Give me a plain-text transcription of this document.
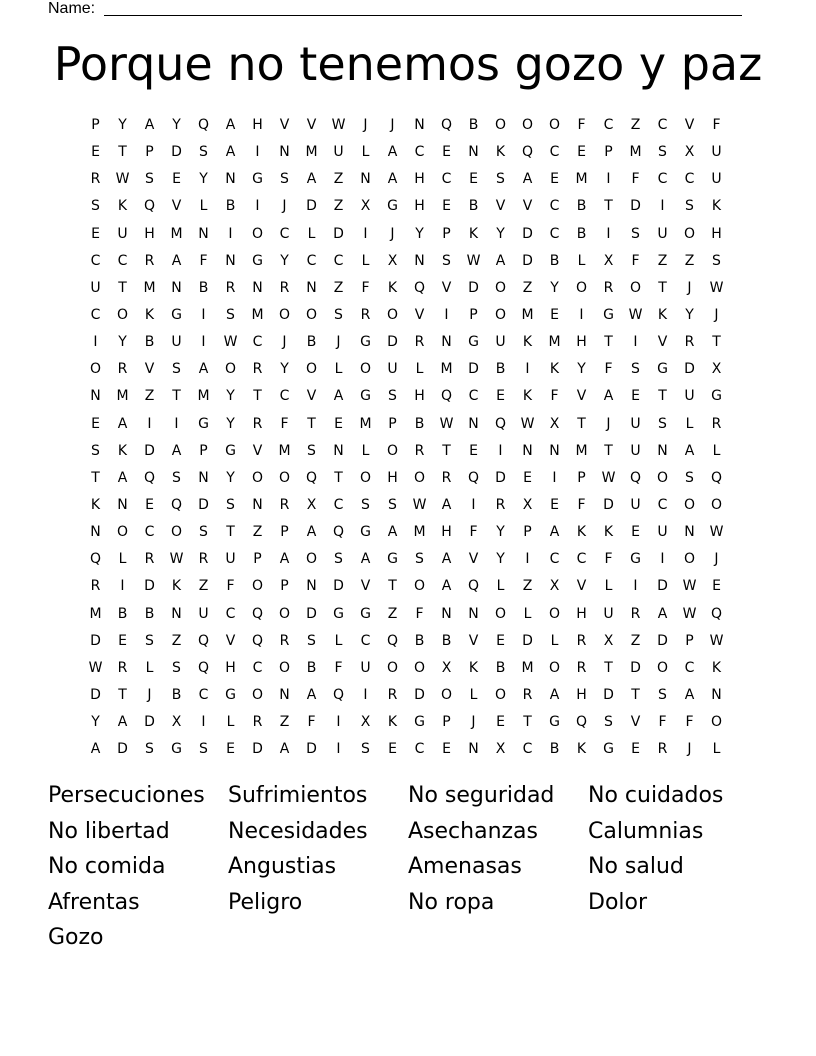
Name:
Porque no tenemos gozo y paz
P	Y	A	Y	Q	A	H	V	V	W	J	J	N	Q	B	O	O	O	F	C	Z	C	V	F
E	T	P	D	S	A	I	N	M	U	L	A	C	E	N	K	Q	C	E	P	M	S	X	U
R	W	S	E	Y	N	G	S	A	Z	N	A	H	C	E	S	A	E	M	I	F	C	C	U
S	K	Q	V	L	B	I	J	D	Z	X	G	H	E	B	V	V	C	B	T	D	I	S	K
E	U	H	M	N	I	O	C	L	D	I	J	Y	P	K	Y	D	C	B	I	S	U	O	H
C	C	R	A	F	N	G	Y	C	C	L	X	N	S	W	A	D	B	L	X	F	Z	Z	S
U	T	M	N	B	R	N	R	N	Z	F	K	Q	V	D	O	Z	Y	O	R	O	T	J	W
C	O	K	G	I	S	M	O	O	S	R	O	V	I	P	O	M	E	I	G	W	K	Y	J
I	Y	B	U	I	W	C	J	B	J	G	D	R	N	G	U	K	M	H	T	I	V	R	T
O	R	V	S	A	O	R	Y	O	L	O	U	L	M	D	B	I	K	Y	F	S	G	D	X
N	M	Z	T	M	Y	T	C	V	A	G	S	H	Q	C	E	K	F	V	A	E	T	U	G
E	A	I	I	G	Y	R	F	T	E	M	P	B	W	N	Q	W	X	T	J	U	S	L	R
S	K	D	A	P	G	V	M	S	N	L	O	R	T	E	I	N	N	M	T	U	N	A	L
T	A	Q	S	N	Y	O	O	Q	T	O	H	O	R	Q	D	E	I	P	W	Q	O	S	Q
K	N	E	Q	D	S	N	R	X	C	S	S	W	A	I	R	X	E	F	D	U	C	O	O
N	O	C	O	S	T	Z	P	A	Q	G	A	M	H	F	Y	P	A	K	K	E	U	N	W
Q	L	R	W	R	U	P	A	O	S	A	G	S	A	V	Y	I	C	C	F	G	I	O	J
R	I	D	K	Z	F	O	P	N	D	V	T	O	A	Q	L	Z	X	V	L	I	D	W	E
M	B	B	N	U	C	Q	O	D	G	G	Z	F	N	N	O	L	O	H	U	R	A	W	Q
D	E	S	Z	Q	V	Q	R	S	L	C	Q	B	B	V	E	D	L	R	X	Z	D	P	W
W	R	L	S	Q	H	C	O	B	F	U	O	O	X	K	B	M	O	R	T	D	O	C	K
D	T	J	B	C	G	O	N	A	Q	I	R	D	O	L	O	R	A	H	D	T	S	A	N
Y	A	D	X	I	L	R	Z	F	I	X	K	G	P	J	E	T	G	Q	S	V	F	F	O
A	D	S	G	S	E	D	A	D	I	S	E	C	E	N	X	C	B	K	G	E	R	J	L
Persecuciones	Sufrimientos	No seguridad	No cuidados
No libertad	Necesidades	Asechanzas	Calumnias
No comida	Angustias	Amenasas	No salud
Afrentas	Peligro	No ropa	Dolor
Gozo
